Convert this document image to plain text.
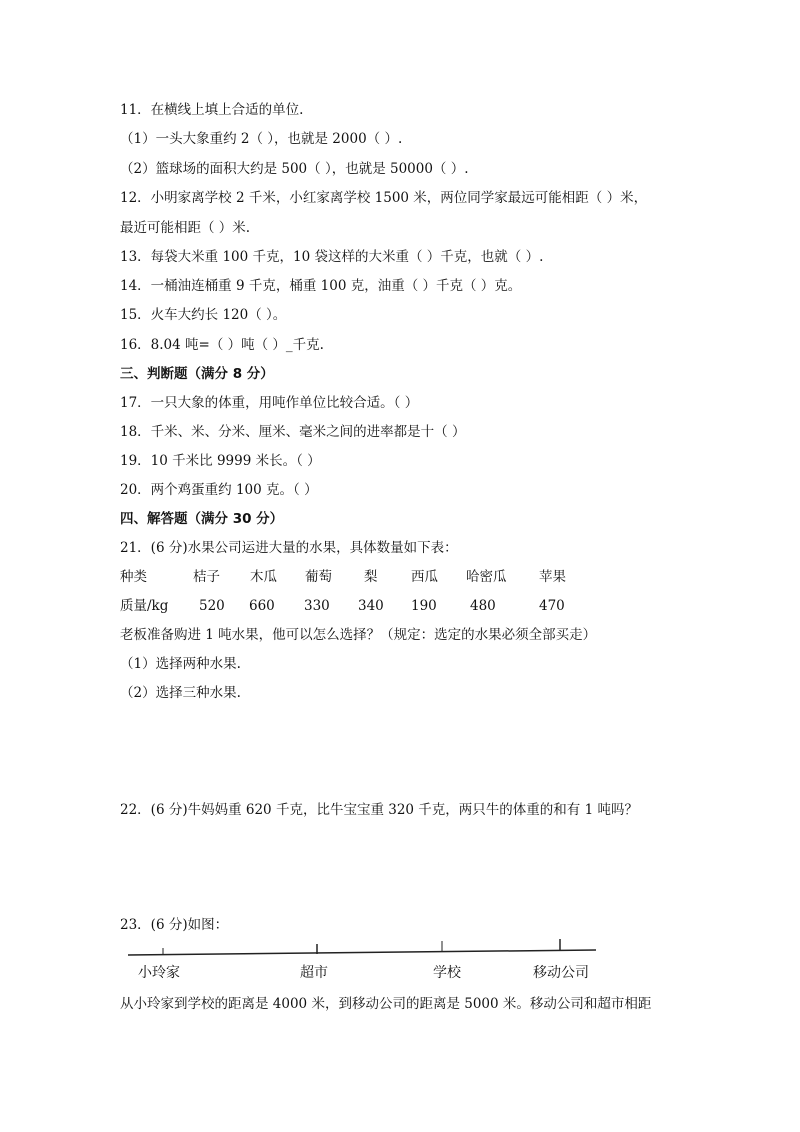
11．在横线上填上合适的单位.
（1）一头大象重约 2（ ），也就是 2000（ ）.
（2）篮球场的面积大约是 500（ ），也就是 50000（ ）.
12．小明家离学校 2 千米，小红家离学校 1500 米，两位同学家最远可能相距（ ）米，
最近可能相距（ ）米.
13．每袋大米重 100 千克，10 袋这样的大米重（ ）千克，也就（ ）.
14．一桶油连桶重 9 千克，桶重 100 克，油重（ ）千克（ ）克。
15．火车大约长 120（ ）。
16．8.04 吨=（ ）吨（ ）_千克.
三、判断题（满分 8 分）
17．一只大象的体重，用吨作单位比较合适。（ ）
18．千米、米、分米、厘米、毫米之间的进率都是十（ ）
19．10 千米比 9999 米长。（ ）
20．两个鸡蛋重约 100 克。（ ）
四、解答题（满分 30 分）
21．(6 分)水果公司运进大量的水果，具体数量如下表：
种类	桔子 木瓜 葡萄 梨 西瓜 哈密瓜 苹果
质量/kg 520 660 330 340 190 480	470
老板准备购进 1 吨水果，他可以怎么选择？（规定：选定的水果必须全部买走）
（1）选择两种水果.
（2）选择三种水果.
22．(6 分)牛妈妈重 620 千克，比牛宝宝重 320 千克，两只牛的体重的和有 1 吨吗？
23．(6 分)如图：
小玲家	超市	学校	移动公司
从小玲家到学校的距离是 4000 米，到移动公司的距离是 5000 米。移动公司和超市相距
